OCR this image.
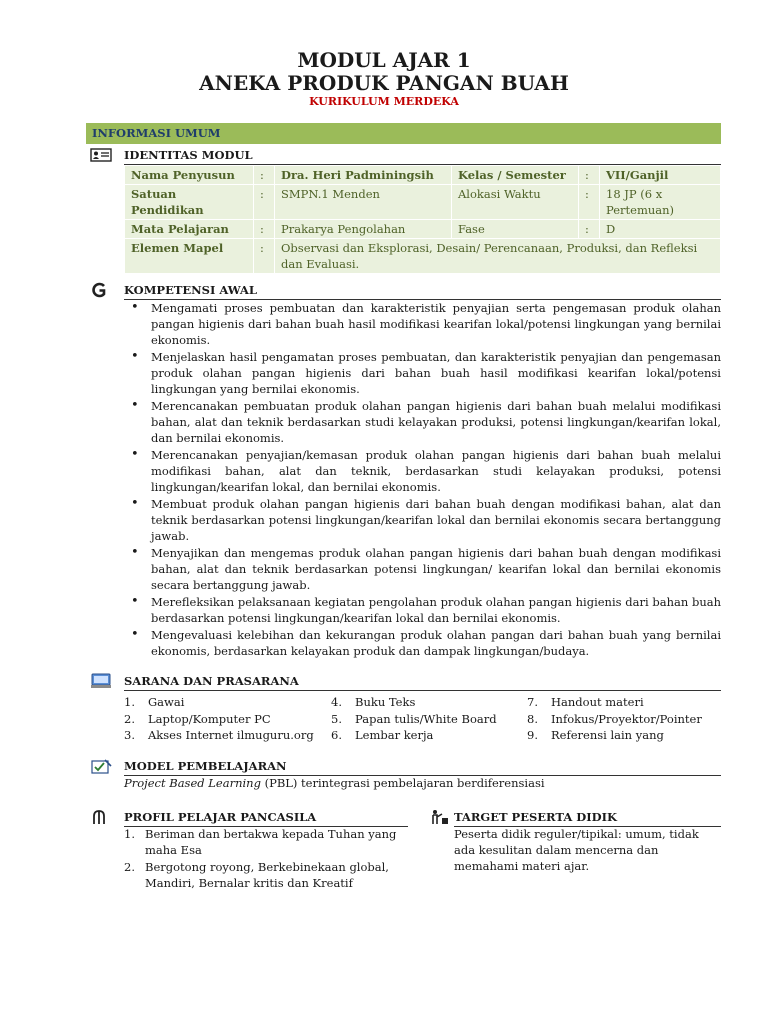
MODUL AJAR 1
ANEKA PRODUK PANGAN BUAH
KURIKULUM MERDEKA
INFORMASI UMUM
IDENTITAS MODUL
Nama Penyusun	:	Dra. Heri Padminingsih	Kelas / Semester	:	VII/Ganjil
Satuan Pendidikan	:	SMPN.1 Menden	Alokasi Waktu	:	18 JP (6 x Pertemuan)
Mata Pelajaran	:	Prakarya Pengolahan	Fase	:	D
Elemen Mapel	:	Observasi dan Eksplorasi, Desain/ Perencanaan, Produksi, dan Refleksi dan Evaluasi.			
KOMPETENSI AWAL
• Mengamati proses pembuatan dan karakteristik penyajian serta pengemasan produk olahan pangan higienis dari bahan buah hasil modifikasi kearifan lokal/potensi lingkungan yang bernilai ekonomis.
• Menjelaskan hasil pengamatan proses pembuatan, dan karakteristik penyajian dan pengemasan produk olahan pangan higienis dari bahan buah hasil modifikasi kearifan lokal/potensi lingkungan yang bernilai ekonomis.
• Merencanakan pembuatan produk olahan pangan higienis dari bahan buah melalui modifikasi bahan, alat dan teknik berdasarkan studi kelayakan produksi, potensi lingkungan/kearifan lokal, dan bernilai ekonomis.
• Merencanakan penyajian/kemasan produk olahan pangan higienis dari bahan buah melalui modifikasi bahan, alat dan teknik, berdasarkan studi kelayakan produksi, potensi lingkungan/kearifan lokal, dan bernilai ekonomis.
• Membuat produk olahan pangan higienis dari bahan buah dengan modifikasi bahan, alat dan teknik berdasarkan potensi lingkungan/kearifan lokal dan bernilai ekonomis secara bertanggung jawab.
• Menyajikan dan mengemas produk olahan pangan higienis dari bahan buah dengan modifikasi bahan, alat dan teknik berdasarkan potensi lingkungan/ kearifan lokal dan bernilai ekonomis secara bertanggung jawab.
• Merefleksikan pelaksanaan kegiatan pengolahan produk olahan pangan higienis dari bahan buah berdasarkan potensi lingkungan/kearifan lokal dan bernilai ekonomis.
• Mengevaluasi kelebihan dan kekurangan produk olahan pangan dari bahan buah yang bernilai ekonomis, berdasarkan kelayakan produk dan dampak lingkungan/budaya.
SARANA DAN PRASARANA
1. Gawai
2. Laptop/Komputer PC
3. Akses Internet ilmuguru.org
4. Buku Teks
5. Papan tulis/White Board
6. Lembar kerja
7. Handout materi
8. Infokus/Proyektor/Pointer
9. Referensi lain yang
MODEL PEMBELAJARAN
Project Based Learning (PBL) terintegrasi pembelajaran berdiferensiasi
PROFIL PELAJAR PANCASILA
1. Beriman dan bertakwa kepada Tuhan yang maha Esa
2. Bergotong royong, Berkebinekaan global, Mandiri, Bernalar kritis dan Kreatif
TARGET PESERTA DIDIK
Peserta didik reguler/tipikal: umum, tidak ada kesulitan dalam mencerna dan memahami materi ajar.
